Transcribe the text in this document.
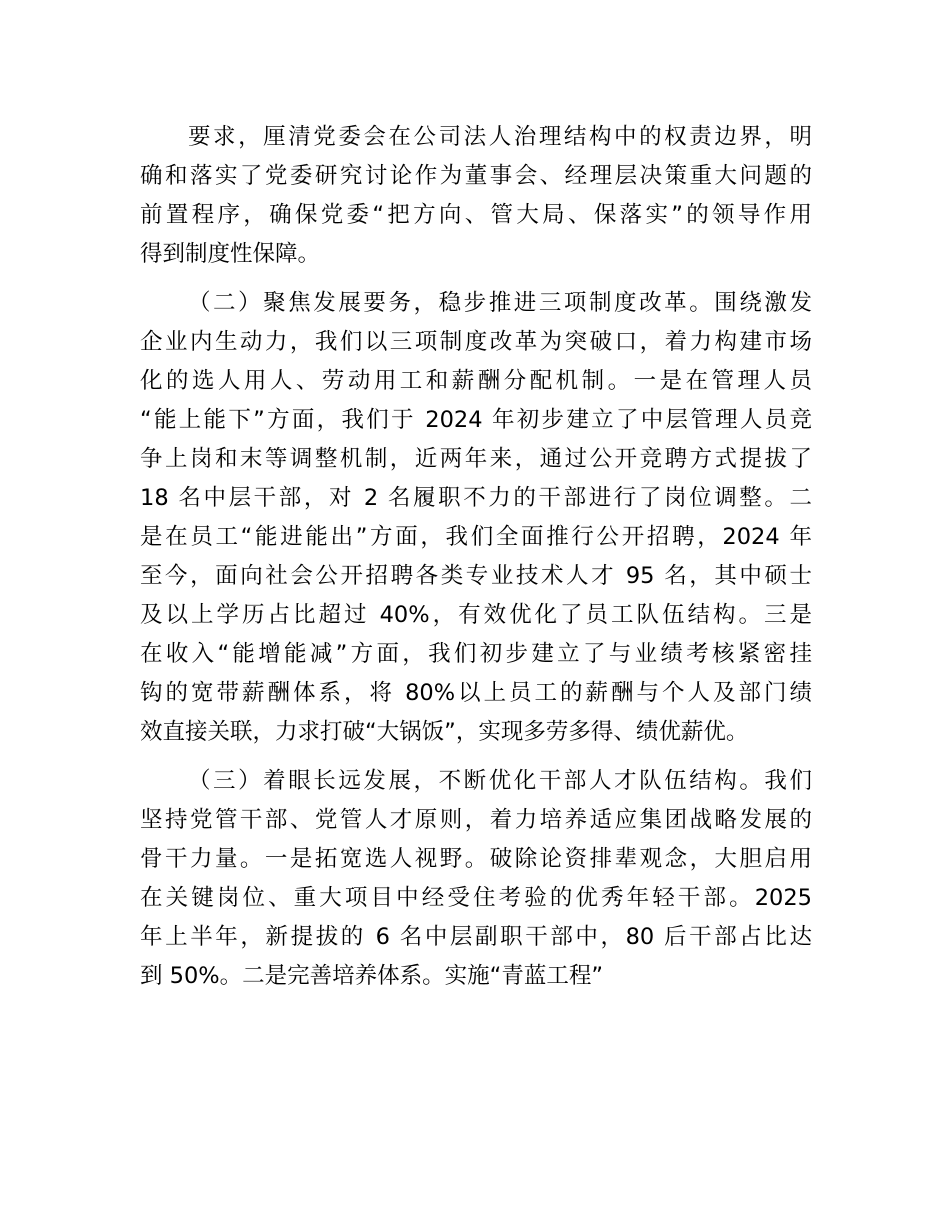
要求，厘清党委会在公司法人治理结构中的权责边界，明
确和落实了党委研究讨论作为董事会、经理层决策重大问题的
前置程序，确保党委“把方向、管大局、保落实”的领导作用
得到制度性保障。
（二）聚焦发展要务，稳步推进三项制度改革。围绕激发
企业内生动力，我们以三项制度改革为突破口，着力构建市场
化的选人用人、劳动用工和薪酬分配机制。一是在管理人员
“能上能下”方面，我们于 2024 年初步建立了中层管理人员竞
争上岗和末等调整机制，近两年来，通过公开竞聘方式提拔了
18 名中层干部，对 2 名履职不力的干部进行了岗位调整。二
是在员工“能进能出”方面，我们全面推行公开招聘，2024 年
至今，面向社会公开招聘各类专业技术人才 95 名，其中硕士
及以上学历占比超过 40%，有效优化了员工队伍结构。三是
在收入“能增能减”方面，我们初步建立了与业绩考核紧密挂
钩的宽带薪酬体系，将 80%以上员工的薪酬与个人及部门绩
效直接关联，力求打破“大锅饭”，实现多劳多得、绩优薪优。
（三）着眼长远发展，不断优化干部人才队伍结构。我们
坚持党管干部、党管人才原则，着力培养适应集团战略发展的
骨干力量。一是拓宽选人视野。破除论资排辈观念，大胆启用
在关键岗位、重大项目中经受住考验的优秀年轻干部。2025
年上半年，新提拔的 6 名中层副职干部中，80 后干部占比达
到 50%。二是完善培养体系。实施“青蓝工程”
